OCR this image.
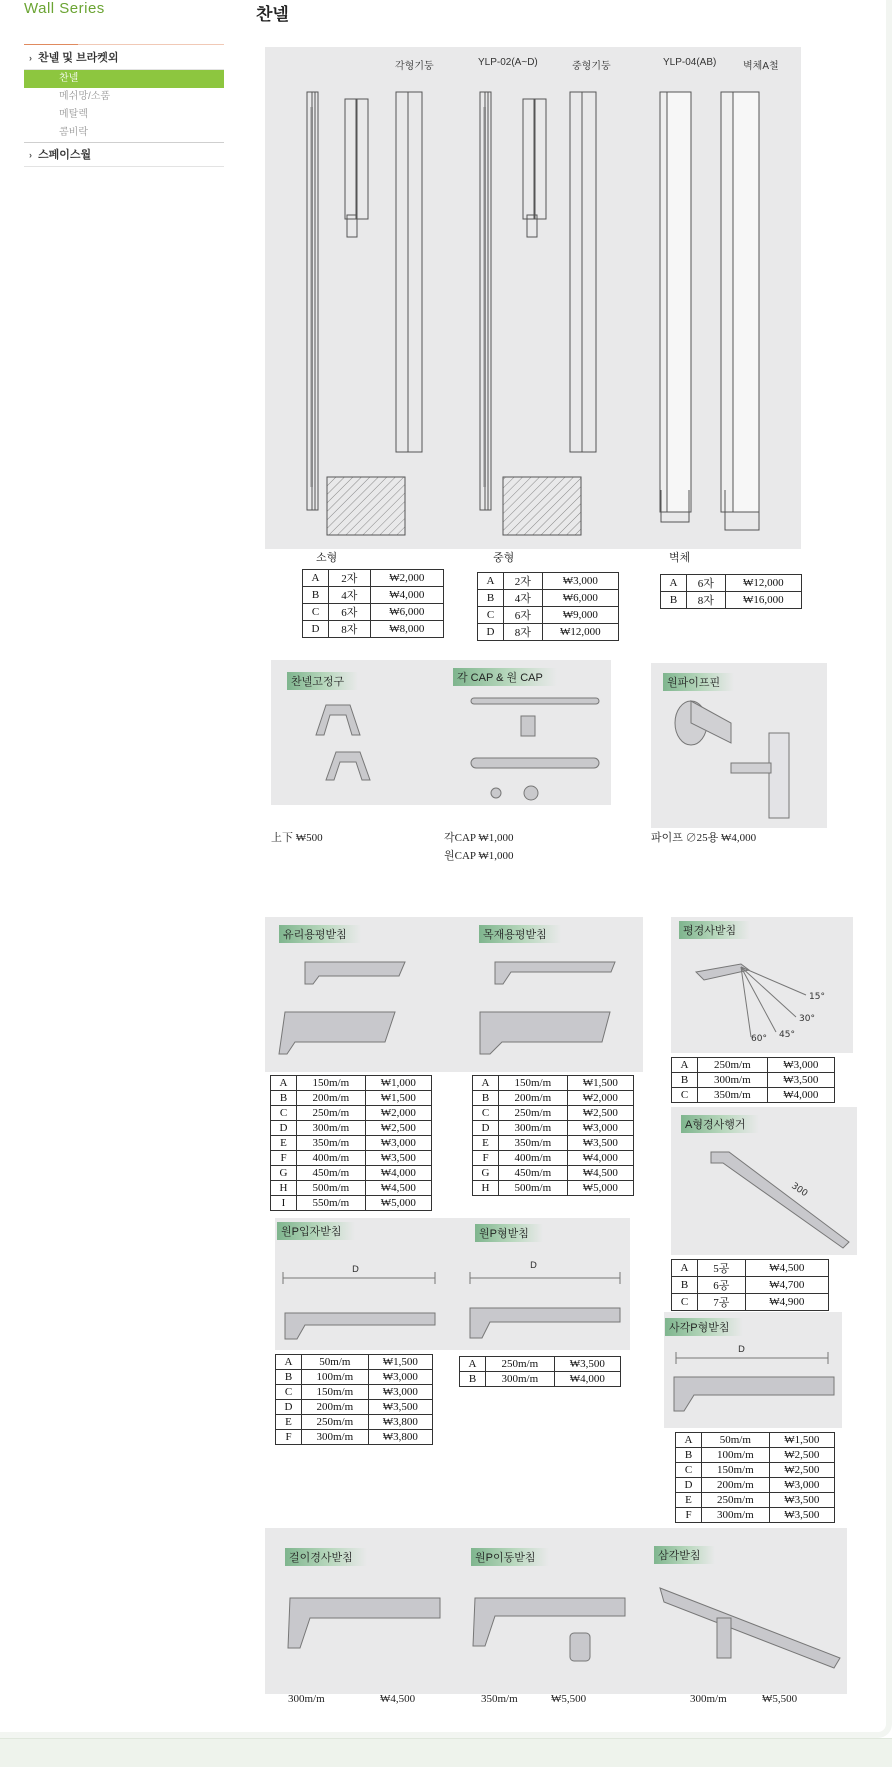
Wall Series
› 찬넬 및 브라켓외
찬넬
메쉬망/소품
메탈렉
콤비락
› 스페이스월
찬넬
각형기둥	YLP-02(A~D)	중형기둥	YLP-04(AB)	벽체A철
소형	중형	벽체
A	2자	₩2,000
B	4자	₩4,000
C	6자	₩6,000
D	8자	₩8,000
A	2자	₩3,000
B	4자	₩6,000
C	6자	₩9,000
D	8자	₩12,000
A	6자	₩12,000
B	8자	₩16,000
찬넬고정구	각 CAP & 원 CAP	원파이프핀
上下 ₩500	각CAP ₩1,000
원CAP ₩1,000
파이프 ∅25용 ₩4,000
유리용평받침	목재용평받침
A	150m/m	₩1,000
B	200m/m	₩1,500
C	250m/m	₩2,000
D	300m/m	₩2,500
E	350m/m	₩3,000
F	400m/m	₩3,500
G	450m/m	₩4,000
H	500m/m	₩4,500
I	550m/m	₩5,000
A	150m/m	₩1,500
B	200m/m	₩2,000
C	250m/m	₩2,500
D	300m/m	₩3,000
E	350m/m	₩3,500
F	400m/m	₩4,000
G	450m/m	₩4,500
H	500m/m	₩5,000
평경사받침
15°
30°
45°
60°
A	250m/m	₩3,000
B	300m/m	₩3,500
C	350m/m	₩4,000
원P입자받침	원P형받침
D	D
A	50m/m	₩1,500
B	100m/m	₩3,000
C	150m/m	₩3,000
D	200m/m	₩3,500
E	250m/m	₩3,800
F	300m/m	₩3,800
A	250m/m	₩3,500
B	300m/m	₩4,000
A형경사행거
300
A	5공	₩4,500
B	6공	₩4,700
C	7공	₩4,900
사각P형받침
D
A	50m/m	₩1,500
B	100m/m	₩2,500
C	150m/m	₩2,500
D	200m/m	₩3,000
E	250m/m	₩3,500
F	300m/m	₩3,500
걸이경사받침	원P이동받침	삼각받침
300m/m	₩4,500	350m/m	₩5,500	300m/m	₩5,500
